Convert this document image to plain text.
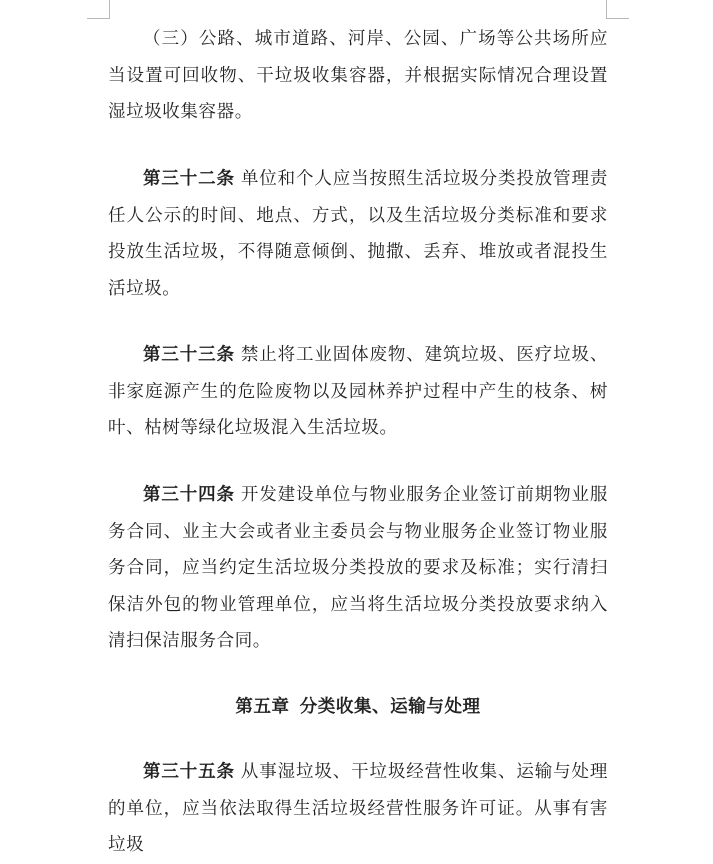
（三）公路、城市道路、河岸、公园、广场等公共场所应当设置可回收物、干垃圾收集容器，并根据实际情况合理设置湿垃圾收集容器。

第三十二条 单位和个人应当按照生活垃圾分类投放管理责任人公示的时间、地点、方式，以及生活垃圾分类标准和要求投放生活垃圾，不得随意倾倒、抛撒、丢弃、堆放或者混投生活垃圾。

第三十三条 禁止将工业固体废物、建筑垃圾、医疗垃圾、非家庭源产生的危险废物以及园林养护过程中产生的枝条、树叶、枯树等绿化垃圾混入生活垃圾。

第三十四条 开发建设单位与物业服务企业签订前期物业服务合同、业主大会或者业主委员会与物业服务企业签订物业服务合同，应当约定生活垃圾分类投放的要求及标准；实行清扫保洁外包的物业管理单位，应当将生活垃圾分类投放要求纳入清扫保洁服务合同。

第五章 分类收集、运输与处理

第三十五条 从事湿垃圾、干垃圾经营性收集、运输与处理的单位，应当依法取得生活垃圾经营性服务许可证。从事有害垃圾
